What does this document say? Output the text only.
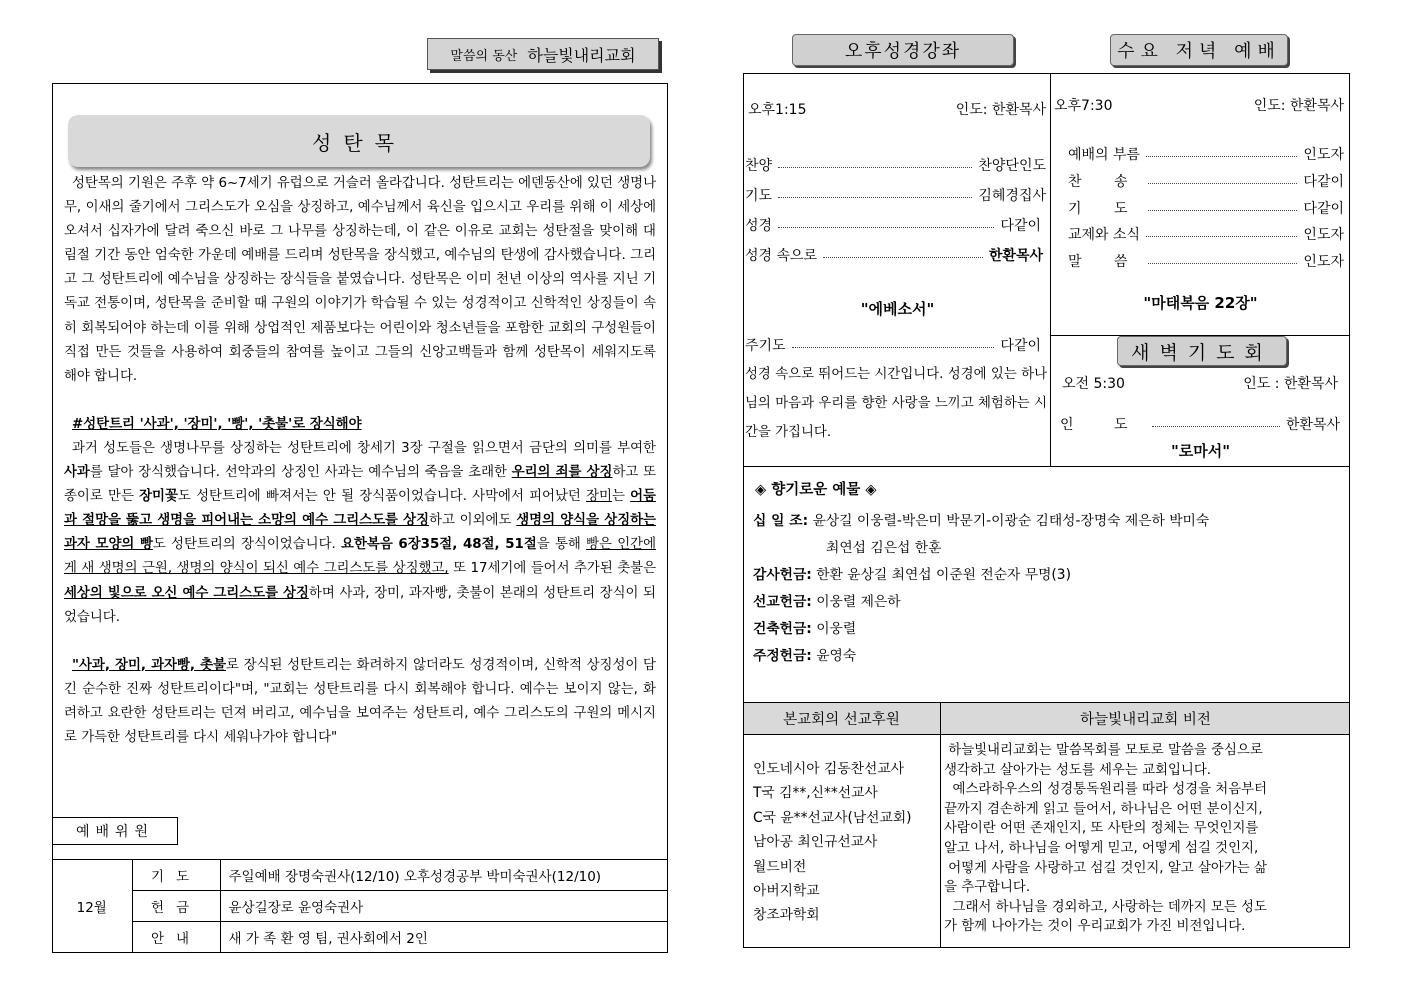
말씀의 동산 하늘빛내리교회
성탄목

성탄목의 기원은 주후 약 6~7세기 유럽으로 거슬러 올라갑니다. 성탄트리는 에덴동산에 있던 생명나무, 이새의 줄기에서 그리스도가 오심을 상징하고, 예수님께서 육신을 입으시고 우리를 위해 이 세상에 오셔서 십자가에 달려 죽으신 바로 그 나무를 상징하는데, 이 같은 이유로 교회는 성탄절을 맞이해 대림절 기간 동안 엄숙한 가운데 예배를 드리며 성탄목을 장식했고, 예수님의 탄생에 감사했습니다. 그리고 그 성탄트리에 예수님을 상징하는 장식들을 붙였습니다. 성탄목은 이미 천년 이상의 역사를 지닌 기독교 전통이며, 성탄목을 준비할 때 구원의 이야기가 학습될 수 있는 성경적이고 신학적인 상징들이 속히 회복되어야 하는데 이를 위해 상업적인 제품보다는 어린이와 청소년들을 포함한 교회의 구성원들이 직접 만든 것들을 사용하여 회중들의 참여를 높이고 그들의 신앙고백들과 함께 성탄목이 세워지도록 해야 합니다.

#성탄트리 '사과', '장미', '빵', '촛불'로 장식해야

과거 성도들은 생명나무를 상징하는 성탄트리에 창세기 3장 구절을 읽으면서 금단의 의미를 부여한 사과를 달아 장식했습니다. 선악과의 상징인 사과는 예수님의 죽음을 초래한 우리의 죄를 상징하고 또 종이로 만든 장미꽃도 성탄트리에 빠져서는 안 될 장식품이었습니다. 사막에서 피어났던 장미는 어둠과 절망을 뚫고 생명을 피어내는 소망의 예수 그리스도를 상징하고 이외에도 생명의 양식을 상징하는 과자 모양의 빵도 성탄트리의 장식이었습니다. 요한복음 6장35절, 48절, 51절을 통해 빵은 인간에게 새 생명의 근원, 생명의 양식이 되신 예수 그리스도를 상징했고, 또 17세기에 들어서 추가된 촛불은 세상의 빛으로 오신 예수 그리스도를 상징하며 사과, 장미, 과자빵, 촛불이 본래의 성탄트리 장식이 되었습니다.

"사과, 장미, 과자빵, 촛불로 장식된 성탄트리는 화려하지 않더라도 성경적이며, 신학적 상징성이 담긴 순수한 진짜 성탄트리이다"며, "교회는 성탄트리를 다시 회복해야 합니다. 예수는 보이지 않는, 화려하고 요란한 성탄트리는 던져 버리고, 예수님을 보여주는 성탄트리, 예수 그리스도의 구원의 메시지로 가득한 성탄트리를 다시 세워나가야 합니다"

예배위원
12월	기도	주일예배 장명숙권사(12/10) 오후성경공부 박미숙권사(12/10)
	헌금	윤상길장로 윤영숙권사
	안내	새 가 족 환 영 팀, 권사회에서 2인
오후성경강좌	수요 저녁 예배
오후1:15	인도: 한환목사
찬양	찬양단인도
기도	김혜경집사
성경	다같이
성경 속으로	한환목사
"에베소서"
주기도	다같이
성경 속으로 뛰어드는 시간입니다. 성경에 있는 하나님의 마음과 우리를 향한 사랑을 느끼고 체험하는 시간을 가집니다.
오후7:30	인도: 한환목사
예배의 부름	인도자
찬 송	다같이
기 도	다같이
교제와 소식	인도자
말 씀	인도자
"마태복음 22장"
새벽기도회
오전 5:30	인도 : 한환목사
인 도	한환목사
"로마서"
◈ 향기로운 예물 ◈
십 일 조: 윤상길 이웅렬-박은미 박문기-이광순 김태성-장명숙 제은하 박미숙
최연섭 김은섭 한훈
감사헌금: 한환 윤상길 최연섭 이준원 전순자 무명(3)
선교헌금: 이웅렬 제은하
건축헌금: 이웅렬
주정헌금: 윤영숙
본교회의 선교후원	하늘빛내리교회 비전
인도네시아 김동찬선교사
T국 김**,신**선교사
C국 윤**선교사(남선교회)
남아공 최인규선교사
월드비전
아버지학교
창조과학회
하늘빛내리교회는 말씀목회를 모토로 말씀을 중심으로
생각하고 살아가는 성도를 세우는 교회입니다.
예스라하우스의 성경통독원리를 따라 성경을 처음부터
끝까지 겸손하게 읽고 들어서, 하나님은 어떤 분이신지,
사람이란 어떤 존재인지, 또 사탄의 정체는 무엇인지를
알고 나서, 하나님을 어떻게 믿고, 어떻게 섬길 것인지,
어떻게 사람을 사랑하고 섬길 것인지, 알고 살아가는 삶
을 추구합니다.
그래서 하나님을 경외하고, 사랑하는 데까지 모든 성도
가 함께 나아가는 것이 우리교회가 가진 비전입니다.
